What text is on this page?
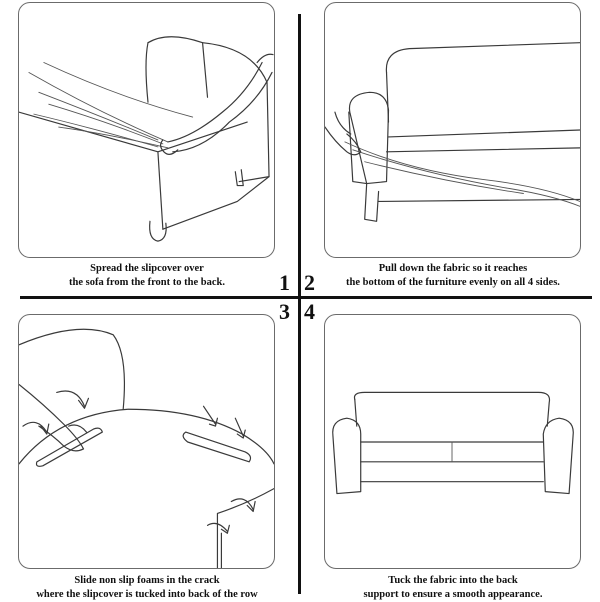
1 2
3 4
Spread the slipcover over
the sofa from the front to the back.
Pull down the fabric so it reaches
the bottom of the furniture evenly on all 4 sides.
Slide non slip foams in the crack
where the slipcover is tucked into back of the row
Tuck the fabric into the back
support to ensure a smooth appearance.
